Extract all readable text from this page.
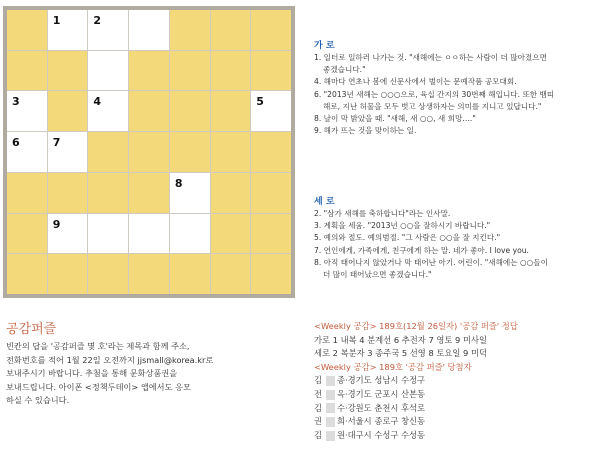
1	2
3	4	5
6	7
8
9
가 로
1. 일터로 일하러 나가는 것. "새해에는 ㅇㅇ하는 사람이 더 많아졌으면
좋겠습니다."
4. 해마다 연초나 봄에 신문사에서 벌이는 문예작품 공모대회.
6. "2013년 새해는 ○○○으로, 육십 간지의 30번째 해입니다. 또한 뱀띠
해로, 지난 허물을 모두 벗고 상생하자는 의미를 지니고 있답니다."
8. 날이 막 밝았을 때. "새해, 새 ○○, 새 희망…."
9. 해가 뜨는 것을 맞이하는 일.
세 로
2. "삼가 새해를 축하합니다"라는 인사말.
3. 계획을 세움. "2013년 ○○을 잘하시기 바랍니다."
5. 예의와 절도. 예의범절. "그 사람은 ○○을 잘 지킨다."
7. 연인에게, 가족에게, 친구에게 하는 말. 네가 좋아. I love you.
8. 아직 태어나지 않았거나 막 태어난 아기. 어린이. "새해에는 ○○들이
더 많이 태어났으면 좋겠습니다."
공감퍼즐
빈칸의 답을 '공감퍼즐 몇 호'라는 제목과 함께 주소,
전화번호를 적어 1월 22일 오전까지 jjsmall@korea.kr로
보내주시기 바랍니다. 추첨을 통해 문화상품권을
보내드립니다. 아이폰 <정책두데이> 앱에서도 응모
하실 수 있습니다.
<Weekly 공감> 189호(12월 26일자) '공감 퍼즐' 정답
가로 1 내복 4 분계선 6 추전자 7 영토 9 미사일
세로 2 복분자 3 종주국 5 선영 8 토요일 9 미덕
<Weekly 공감> 189호 '공감 퍼즐' 당첨자
김	종·경기도 성남시 수정구
전	옥·경기도 군포시 산본동
김	수·강원도 춘천시 후석로
권	희·서울시 종로구 창신동
김	원·대구시 수성구 수성동
